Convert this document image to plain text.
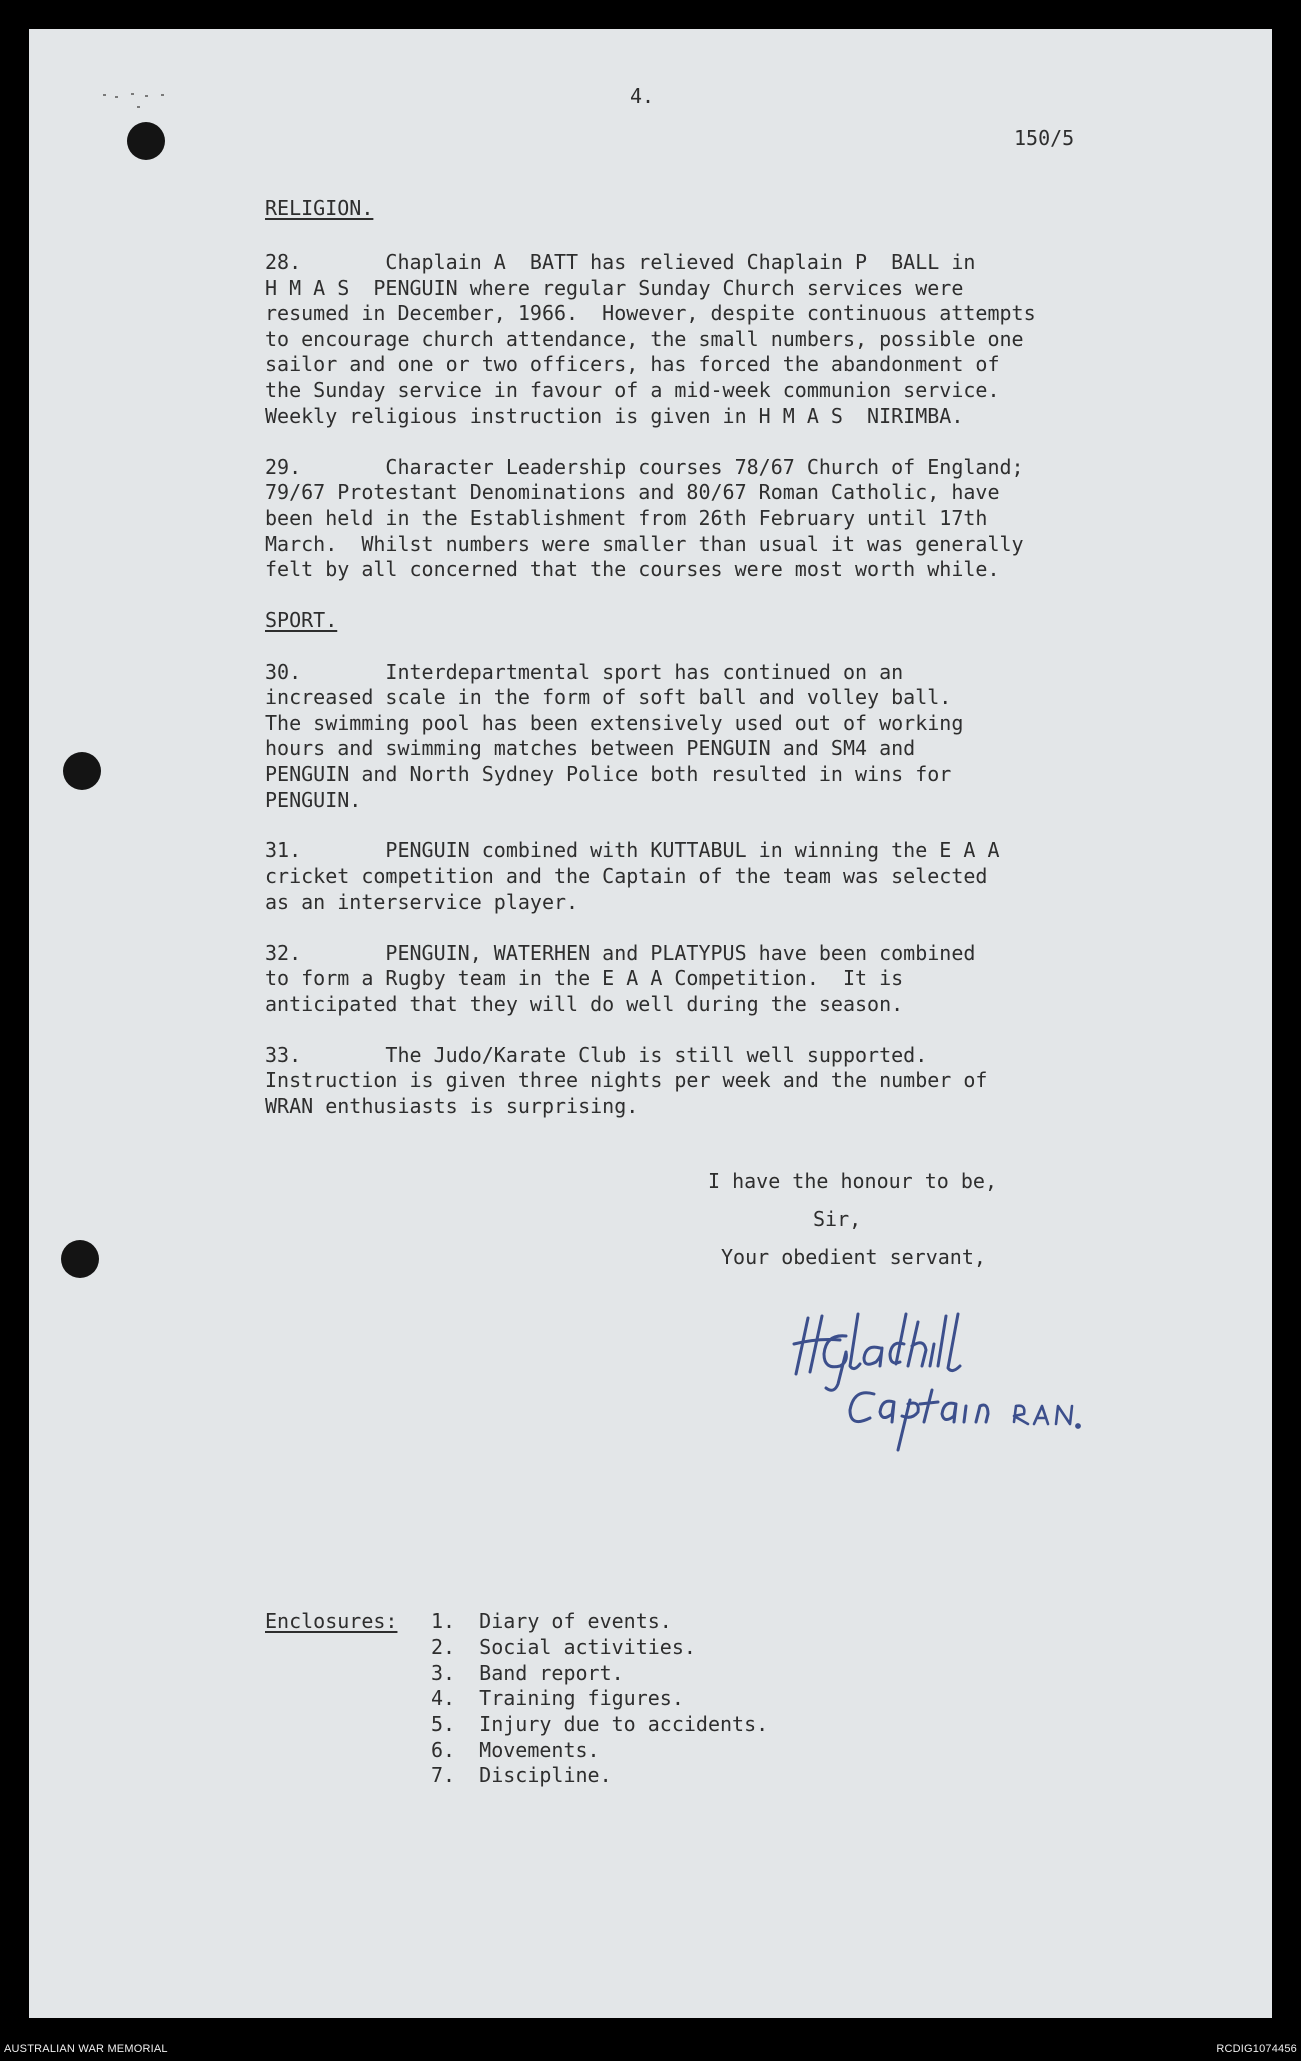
4.

150/5

RELIGION.

28.       Chaplain A  BATT has relieved Chaplain P  BALL in

H M A S  PENGUIN where regular Sunday Church services were

resumed in December, 1966.  However, despite continuous attempts

to encourage church attendance, the small numbers, possible one

sailor and one or two officers, has forced the abandonment of

the Sunday service in favour of a mid-week communion service.

Weekly religious instruction is given in H M A S  NIRIMBA.

29.       Character Leadership courses 78/67 Church of England;

79/67 Protestant Denominations and 80/67 Roman Catholic, have

been held in the Establishment from 26th February until 17th

March.  Whilst numbers were smaller than usual it was generally

felt by all concerned that the courses were most worth while.

SPORT.

30.       Interdepartmental sport has continued on an

increased scale in the form of soft ball and volley ball.

The swimming pool has been extensively used out of working

hours and swimming matches between PENGUIN and SM4 and

PENGUIN and North Sydney Police both resulted in wins for

PENGUIN.

31.       PENGUIN combined with KUTTABUL in winning the E A A

cricket competition and the Captain of the team was selected

as an interservice player.

32.       PENGUIN, WATERHEN and PLATYPUS have been combined

to form a Rugby team in the E A A Competition.  It is

anticipated that they will do well during the season.

33.       The Judo/Karate Club is still well supported.

Instruction is given three nights per week and the number of

WRAN enthusiasts is surprising.

I have the honour to be,

Sir,

Your obedient servant,

Enclosures: 1.  Diary of events.

2.  Social activities.

3.  Band report.

4.  Training figures.

5.  Injury due to accidents.

6.  Movements.

7.  Discipline.

AUSTRALIAN WAR MEMORIAL	RCDIG1074456
